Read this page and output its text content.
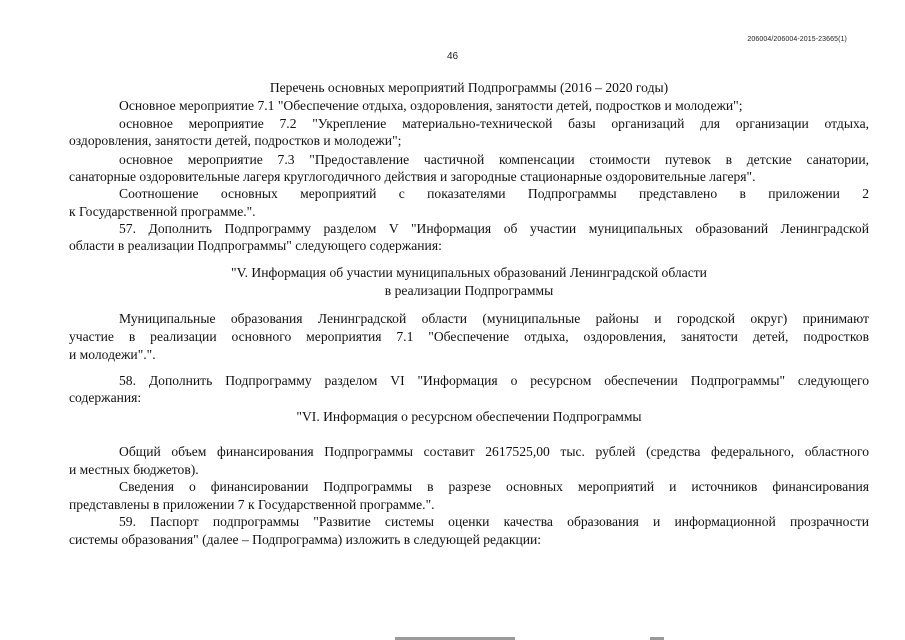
206004/206004-2015-23665(1)
46
Перечень основных мероприятий Подпрограммы (2016 – 2020 годы)
Основное мероприятие 7.1 "Обеспечение отдыха, оздоровления, занятости детей, подростков и молодежи";
основное мероприятие 7.2 "Укрепление материально-технической базы организаций для организации отдыха,
оздоровления, занятости детей, подростков и молодежи";
основное мероприятие 7.3 "Предоставление частичной компенсации стоимости путевок в детские санатории,
санаторные оздоровительные лагеря круглогодичного действия и загородные стационарные оздоровительные лагеря".
Соотношение основных мероприятий с показателями Подпрограммы представлено в приложении 2
к Государственной программе.".
57. Дополнить Подпрограмму разделом V "Информация об участии муниципальных образований Ленинградской
области в реализации Подпрограммы" следующего содержания:
"V. Информация об участии муниципальных образований Ленинградской области
в реализации Подпрограммы
Муниципальные образования Ленинградской области (муниципальные районы и городской округ) принимают
участие в реализации основного мероприятия 7.1 "Обеспечение отдыха, оздоровления, занятости детей, подростков
и молодежи".".
58. Дополнить Подпрограмму разделом VI "Информация о ресурсном обеспечении Подпрограммы" следующего
содержания:
"VI. Информация о ресурсном обеспечении Подпрограммы
Общий объем финансирования Подпрограммы составит 2617525,00 тыс. рублей (средства федерального, областного
и местных бюджетов).
Сведения о финансировании Подпрограммы в разрезе основных мероприятий и источников финансирования
представлены в приложении 7 к Государственной программе.".
59. Паспорт подпрограммы "Развитие системы оценки качества образования и информационной прозрачности
системы образования" (далее – Подпрограмма) изложить в следующей редакции:
